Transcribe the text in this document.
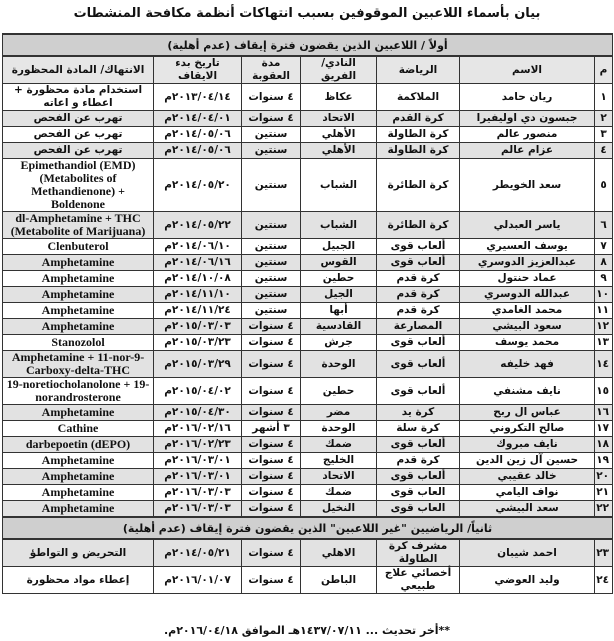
بيان بأسماء اللاعبين الموقوفين بسبب انتهاكات أنظمة مكافحة المنشطات
أولاً / اللاعبين الذين يقضون فترة إيقاف (عدم أهلية)						
م	الاسم	الرياضة	النادي/الفريق	مدة العقوبة	تاريخ بدء الايقاف	الانتهاك/ المادة المحظورة
١	ريان حامد	الملاكمة	عكاظ	٤ سنوات	٢٠١٣/٠٤/١٤م	استخدام مادة محظورة + اعطاء و اعاته
٢	جبسون دي اوليفيرا	كرة القدم	الاتحاد	٤ سنوات	٢٠١٤/٠٤/٠١م	تهرب عن الفحص
٣	منصور عالم	كرة الطاولة	الأهلي	سنتين	٢٠١٤/٠٥/٠٦م	تهرب عن الفحص
٤	عزام عالم	كرة الطاولة	الأهلي	سنتين	٢٠١٤/٠٥/٠٦م	تهرب عن الفحص
٥	سعد الخويطر	كرة الطائرة	الشباب	سنتين	٢٠١٤/٠٥/٢٠م	Epimethandiol (EMD) (Metabolites of Methandienone) + Boldenone
٦	ياسر العبدلي	كرة الطائرة	الشباب	سنتين	٢٠١٤/٠٥/٢٢م	dl-Amphetamine + THC (Metabolite of Marijuana)
٧	يوسف العسيري	ألعاب قوى	الجبيل	سنتين	٢٠١٤/٠٦/١٠م	Clenbuterol
٨	عبدالعزيز الدوسري	ألعاب قوى	القوس	سنتين	٢٠١٤/٠٦/١٦م	Amphetamine
٩	عماد حنتول	كرة قدم	حطين	سنتين	٢٠١٤/١٠/٠٨م	Amphetamine
١٠	عبدالله الدوسري	كرة قدم	الجيل	سنتين	٢٠١٤/١١/١٠م	Amphetamine
١١	محمد الغامدي	كرة قدم	أبها	سنتين	٢٠١٤/١١/٢٤م	Amphetamine
١٢	سعود البيشي	المصارعة	القادسية	٤ سنوات	٢٠١٥/٠٣/٠٣م	Amphetamine
١٣	محمد يوسف	ألعاب قوى	جرش	٤ سنوات	٢٠١٥/٠٣/٢٣م	Stanozolol
١٤	فهد خليفه	ألعاب قوى	الوحدة	٤ سنوات	٢٠١٥/٠٣/٢٩م	Amphetamine + 11-nor-9-Carboxy-delta-THC
١٥	نايف مشنفي	ألعاب قوى	حطين	٤ سنوات	٢٠١٥/٠٤/٠٢م	19-noretiocholanolone + 19-norandrosterone
١٦	عباس ال ربح	كرة يد	مضر	٤ سنوات	٢٠١٥/٠٤/٣٠م	Amphetamine
١٧	صالح التكروني	كرة سلة	الوحدة	٣ أشهر	٢٠١٦/٠٢/١٦م	Cathine
١٨	نايف مبروك	ألعاب قوى	ضمك	٤ سنوات	٢٠١٦/٠٢/٢٣م	darbepoetin (dEPO)
١٩	حسين آل زين الدين	كرة قدم	الخليج	٤ سنوات	٢٠١٦/٠٣/٠١م	Amphetamine
٢٠	خالد عقيبي	ألعاب قوى	الاتحاد	٤ سنوات	٢٠١٦/٠٣/٠١م	Amphetamine
٢١	نواف اليامي	العاب قوى	ضمك	٤ سنوات	٢٠١٦/٠٣/٠٣م	Amphetamine
٢٢	سعد البيشي	العاب قوى	النخيل	٤ سنوات	٢٠١٦/٠٣/٠٣م	Amphetamine
ثانياً/ الرياضيين "غير اللاعبين" الذين يقضون فترة إيقاف (عدم أهلية)						
٢٣	احمد شيبان	مشرف كرة الطاولة	الاهلي	٤ سنوات	٢٠١٤/٠٥/٢١م	التحريض و التواطؤ
٢٤	وليد العوضي	أخصائي علاج طبيعي	الباطن	٤ سنوات	٢٠١٦/٠١/٠٧م	إعطاء مواد محظورة
**أخر تحديث ... ١٤٣٧/٠٧/١١هـ الموافق ٢٠١٦/٠٤/١٨م.
